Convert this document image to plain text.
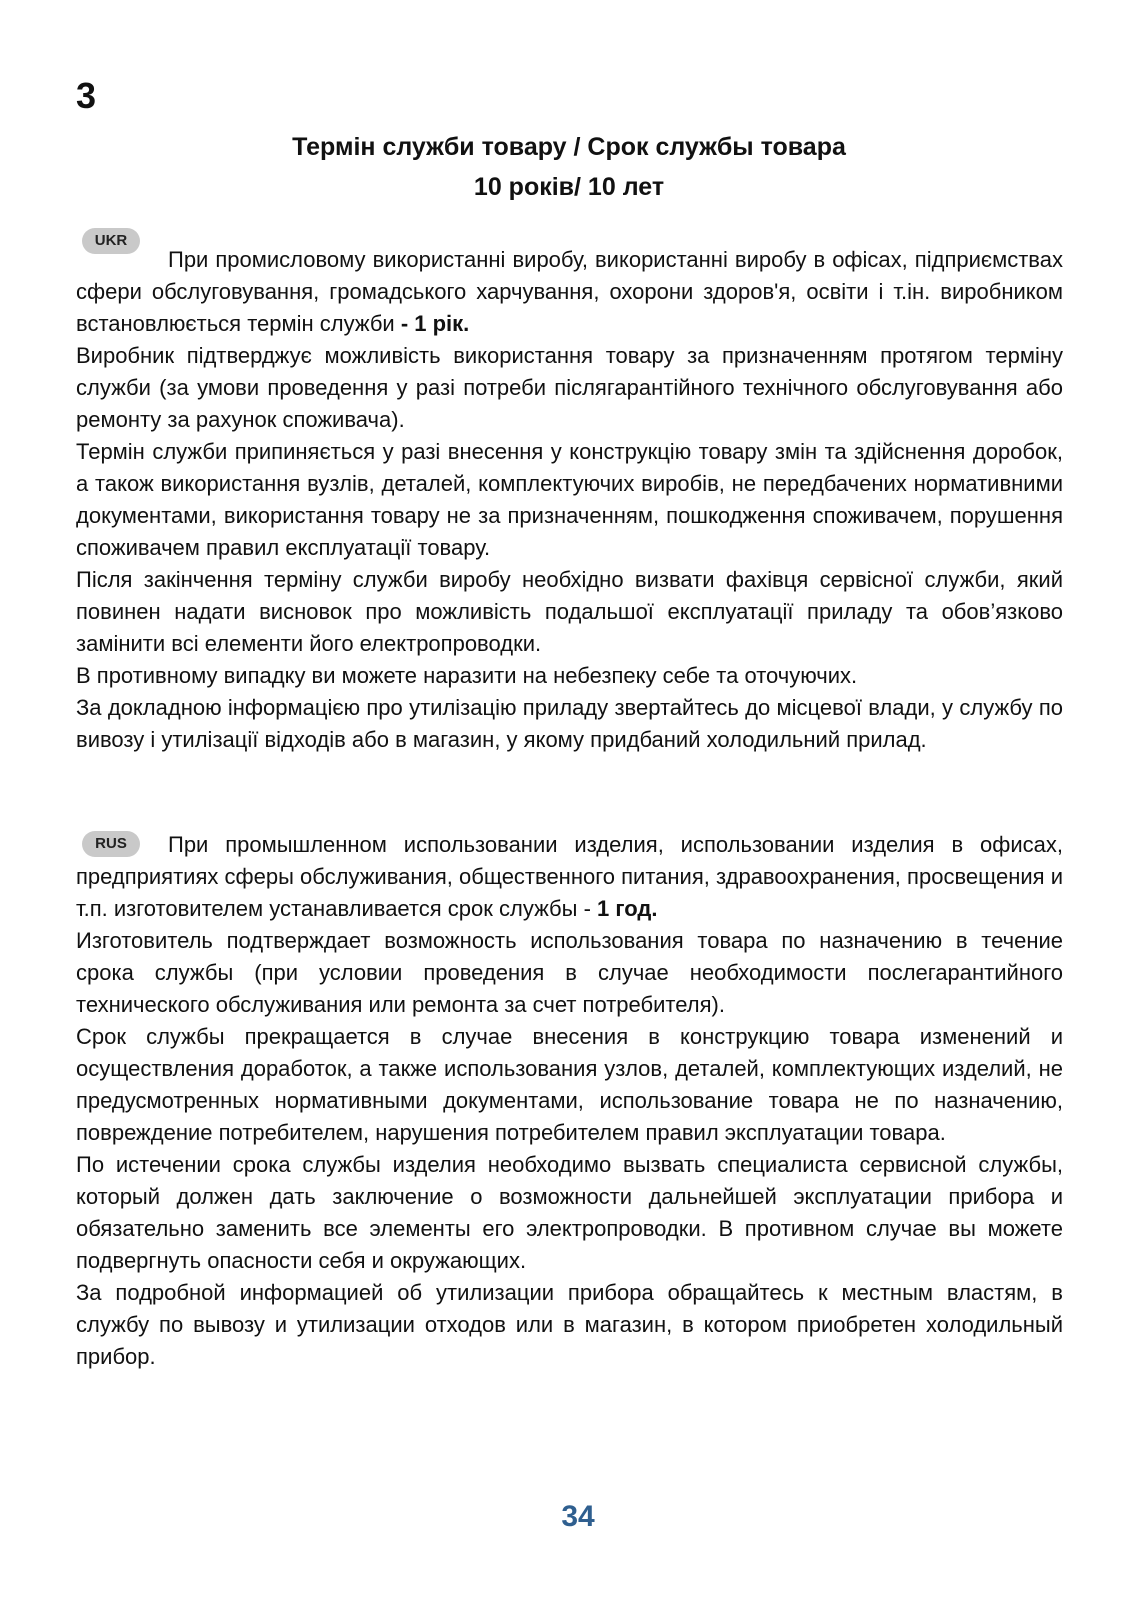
3
Термін служби товару / Срок службы товара
10 років/ 10 лет
UKR

При промисловому використанні виробу, використанні виробу в офісах, підприємствах сфери обслуговування, громадського харчування, охорони здоров'я, освіти і т.ін. виробником встановлюється термін служби - 1 рік.

Виробник підтверджує можливість використання товару за призначенням протягом терміну служби (за умови проведення у разі потреби післягарантійного технічного обслуговування або ремонту за рахунок споживача).

Термін служби припиняється у разі внесення у конструкцію товару змін та здійснення доробок, а також використання вузлів, деталей, комплектуючих виробів, не передбачених нормативними документами, використання товару не за призначенням, пошкодження споживачем, порушення споживачем правил експлуатації товару.

Після закінчення терміну служби виробу необхідно визвати фахівця сервісної служби, який повинен надати висновок про можливість подальшої експлуатації приладу та обов’язково замінити всі елементи його електропроводки.

В противному випадку ви можете наразити на небезпеку себе та оточуючих.

За докладною інформацією про утилізацію приладу звертайтесь до місцевої влади, у службу по вивозу і утилізації відходів або в магазин, у якому придбаний холодильний прилад.

RUS	При промышленном использовании изделия, использовании изделия в офисах, предприятиях сферы обслуживания, общественного питания, здравоохранения, просвещения и т.п. изготовителем устанавливается срок службы - 1 год.

Изготовитель подтверждает возможность использования товара по назначению в течение срока службы (при условии проведения в случае необходимости послегарантийного технического обслуживания или ремонта за счет потребителя).

Срок службы прекращается в случае внесения в конструкцию товара изменений и осуществления доработок, а также использования узлов, деталей, комплектующих изделий, не предусмотренных нормативными документами, использование товара не по назначению, повреждение потребителем, нарушения потребителем правил эксплуатации товара.

По истечении срока службы изделия необходимо вызвать специалиста сервисной службы, который должен дать заключение о возможности дальнейшей эксплуатации прибора и обязательно заменить все элементы его электропроводки. В противном случае вы можете подвергнуть опасности себя и окружающих.

За подробной информацией об утилизации прибора обращайтесь к местным властям, в службу по вывозу и утилизации отходов или в магазин, в котором приобретен холодильный прибор.

34
